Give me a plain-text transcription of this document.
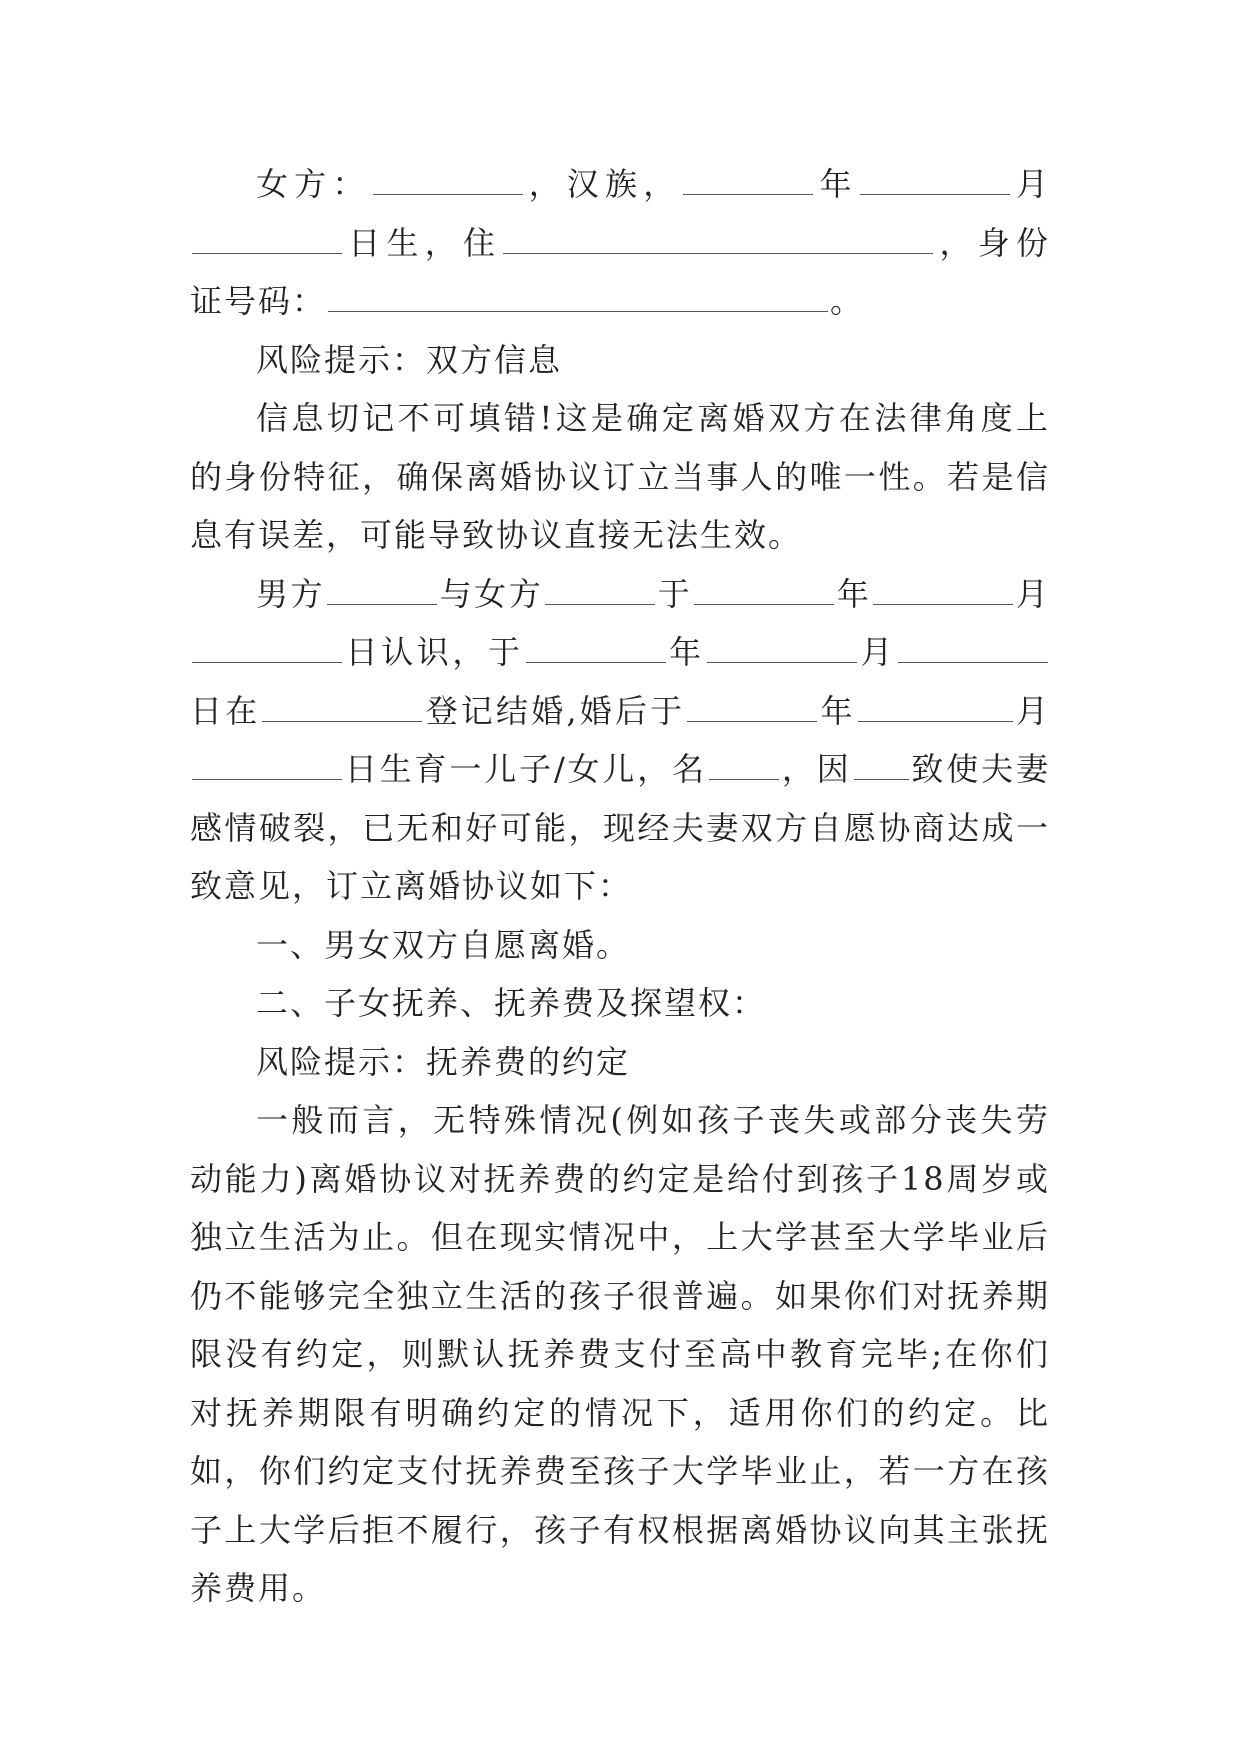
女方：	，汉族，	年	月日生，住	，身份证号码：	。

风险提示：双方信息

信息切记不可填错!这是确定离婚双方在法律角度上的身份特征，确保离婚协议订立当事人的唯一性。若是信息有误差，可能导致协议直接无法生效。

男方	与女方	于	年	月日认识，于	年	月日在	登记结婚,婚后于	年	月日生育一儿子/女儿，名 ，因 致使夫妻感情破裂，已无和好可能，现经夫妻双方自愿协商达成一致意见，订立离婚协议如下：

一、男女双方自愿离婚。

二、子女抚养、抚养费及探望权：

风险提示：抚养费的约定

一般而言，无特殊情况(例如孩子丧失或部分丧失劳动能力)离婚协议对抚养费的约定是给付到孩子18周岁或独立生活为止。但在现实情况中，上大学甚至大学毕业后仍不能够完全独立生活的孩子很普遍。如果你们对抚养期限没有约定，则默认抚养费支付至高中教育完毕;在你们对抚养期限有明确约定的情况下，适用你们的约定。比如，你们约定支付抚养费至孩子大学毕业止，若一方在孩子上大学后拒不履行，孩子有权根据离婚协议向其主张抚养费用。
